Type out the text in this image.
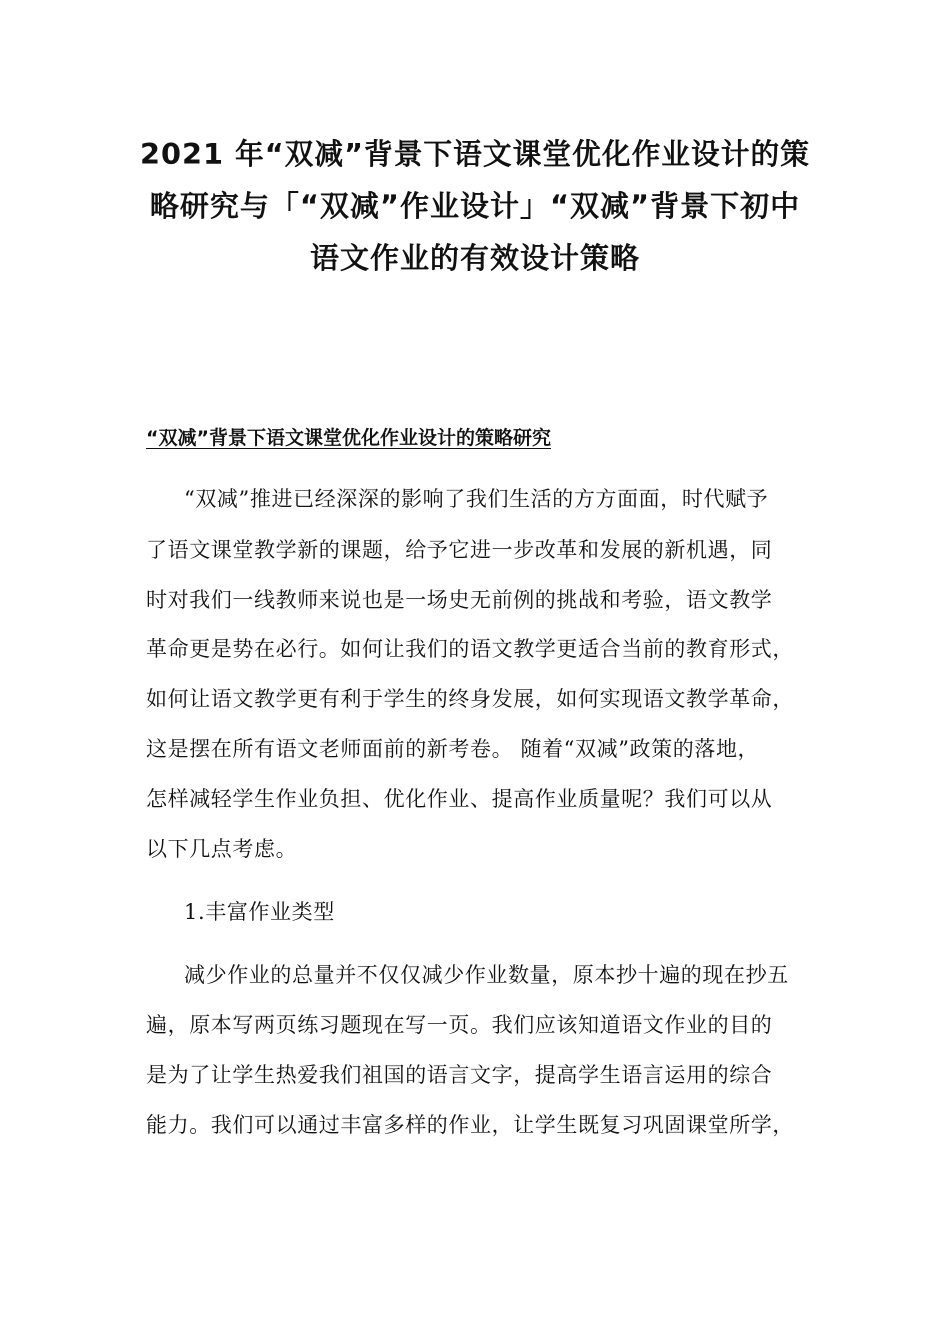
2021 年“双减”背景下语文课堂优化作业设计的策
略研究与「“双减”作业设计」“双减”背景下初中
语文作业的有效设计策略
“双减”背景下语文课堂优化作业设计的策略研究
“双减”推进已经深深的影响了我们生活的方方面面，时代赋予
了语文课堂教学新的课题，给予它进一步改革和发展的新机遇，同
时对我们一线教师来说也是一场史无前例的挑战和考验，语文教学
革命更是势在必行。如何让我们的语文教学更适合当前的教育形式，
如何让语文教学更有利于学生的终身发展，如何实现语文教学革命，
这是摆在所有语文老师面前的新考卷。 随着“双减”政策的落地，
怎样减轻学生作业负担、优化作业、提高作业质量呢？我们可以从
以下几点考虑。
1.丰富作业类型
减少作业的总量并不仅仅减少作业数量，原本抄十遍的现在抄五
遍，原本写两页练习题现在写一页。我们应该知道语文作业的目的
是为了让学生热爱我们祖国的语言文字，提高学生语言运用的综合
能力。我们可以通过丰富多样的作业，让学生既复习巩固课堂所学，
